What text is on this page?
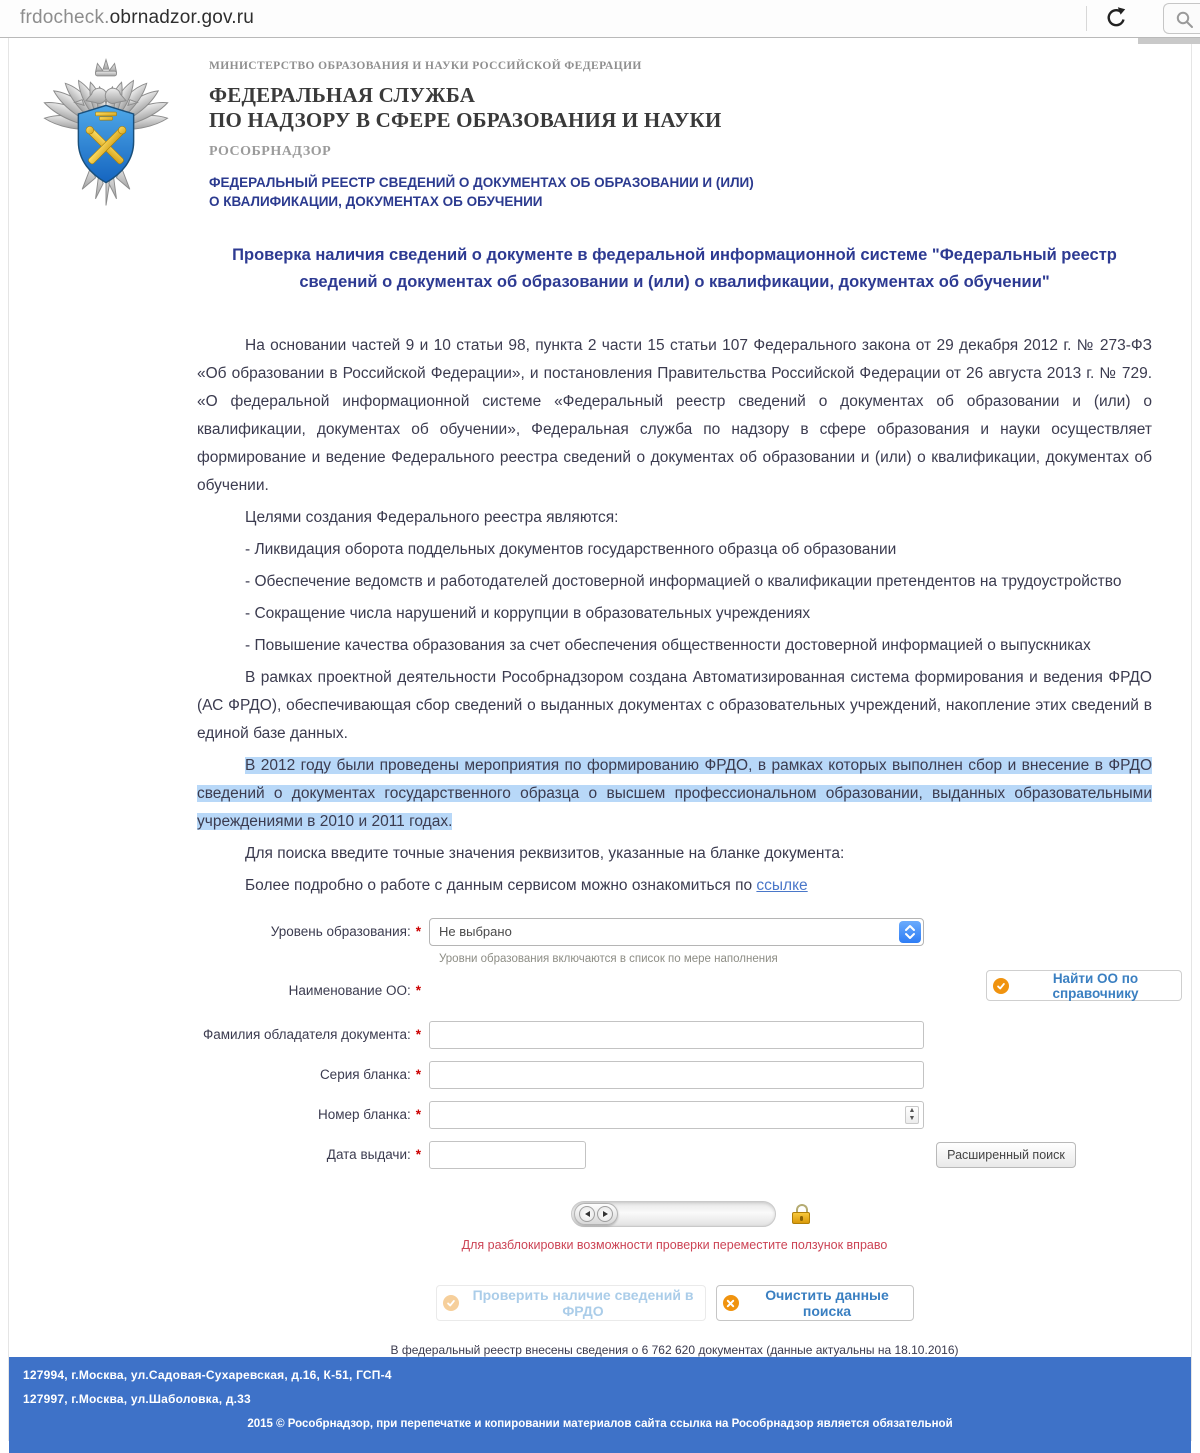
frdocheck.obrnadzor.gov.ru
МИНИСТЕРСТВО ОБРАЗОВАНИЯ И НАУКИ РОССИЙСКОЙ ФЕДЕРАЦИИ
ФЕДЕРАЛЬНАЯ СЛУЖБА
ПО НАДЗОРУ В СФЕРЕ ОБРАЗОВАНИЯ И НАУКИ
РОСОБРНАДЗОР
ФЕДЕРАЛЬНЫЙ РЕЕСТР СВЕДЕНИЙ О ДОКУМЕНТАХ ОБ ОБРАЗОВАНИИ И (ИЛИ)
О КВАЛИФИКАЦИИ, ДОКУМЕНТАХ ОБ ОБУЧЕНИИ
Проверка наличия сведений о документе в федеральной информационной системе "Федеральный реестр сведений о документах об образовании и (или) о квалификации, документах об обучении"

На основании частей 9 и 10 статьи 98, пункта 2 части 15 статьи 107 Федерального закона от 29 декабря 2012 г. № 273-ФЗ «Об образовании в Российской Федерации», и постановления Правительства Российской Федерации от 26 августа 2013 г. № 729. «О федеральной информационной системе «Федеральный реестр сведений о документах об образовании и (или) о квалификации, документах об обучении», Федеральная служба по надзору в сфере образования и науки осуществляет формирование и ведение Федерального реестра сведений о документах об образовании и (или) о квалификации, документах об обучении.

Целями создания Федерального реестра являются:

- Ликвидация оборота поддельных документов государственного образца об образовании

- Обеспечение ведомств и работодателей достоверной информацией о квалификации претендентов на трудоустройство

- Сокращение числа нарушений и коррупции в образовательных учреждениях

- Повышение качества образования за счет обеспечения общественности достоверной информацией о выпускниках

В рамках проектной деятельности Рособрнадзором создана Автоматизированная система формирования и ведения ФРДО (АС ФРДО), обеспечивающая сбор сведений о выданных документах с образовательных учреждений, накопление этих сведений в единой базе данных.

В 2012 году были проведены мероприятия по формированию ФРДО, в рамках которых выполнен сбор и внесение в ФРДО сведений о документах государственного образца о высшем профессиональном образовании, выданных образовательными учреждениями в 2010 и 2011 годах.

Для поиска введите точные значения реквизитов, указанные на бланке документа:

Более подробно о работе с данным сервисом можно ознакомиться по ссылке

Уровень образования: *	Не выбрано
Уровни образования включаются в список по мере наполнения
Наименование ОО: *
Найти ОО по справочнику
Фамилия обладателя документа: *
Серия бланка: *
Номер бланка: *	▲
▼
Дата выдачи: *	Расширенный поиск
Для разблокировки возможности проверки переместите ползунок вправо
Проверить наличие сведений в ФРДО
Очистить данные поиска
В федеральный реестр внесены сведения о 6 762 620 документах (данные актуальны на 18.10.2016)
127994, г.Москва, ул.Садовая-Сухаревская, д.16, К-51, ГСП-4
127997, г.Москва, ул.Шаболовка, д.33
2015 © Рособрнадзор, при перепечатке и копировании материалов сайта ссылка на Рособрнадзор является обязательной
